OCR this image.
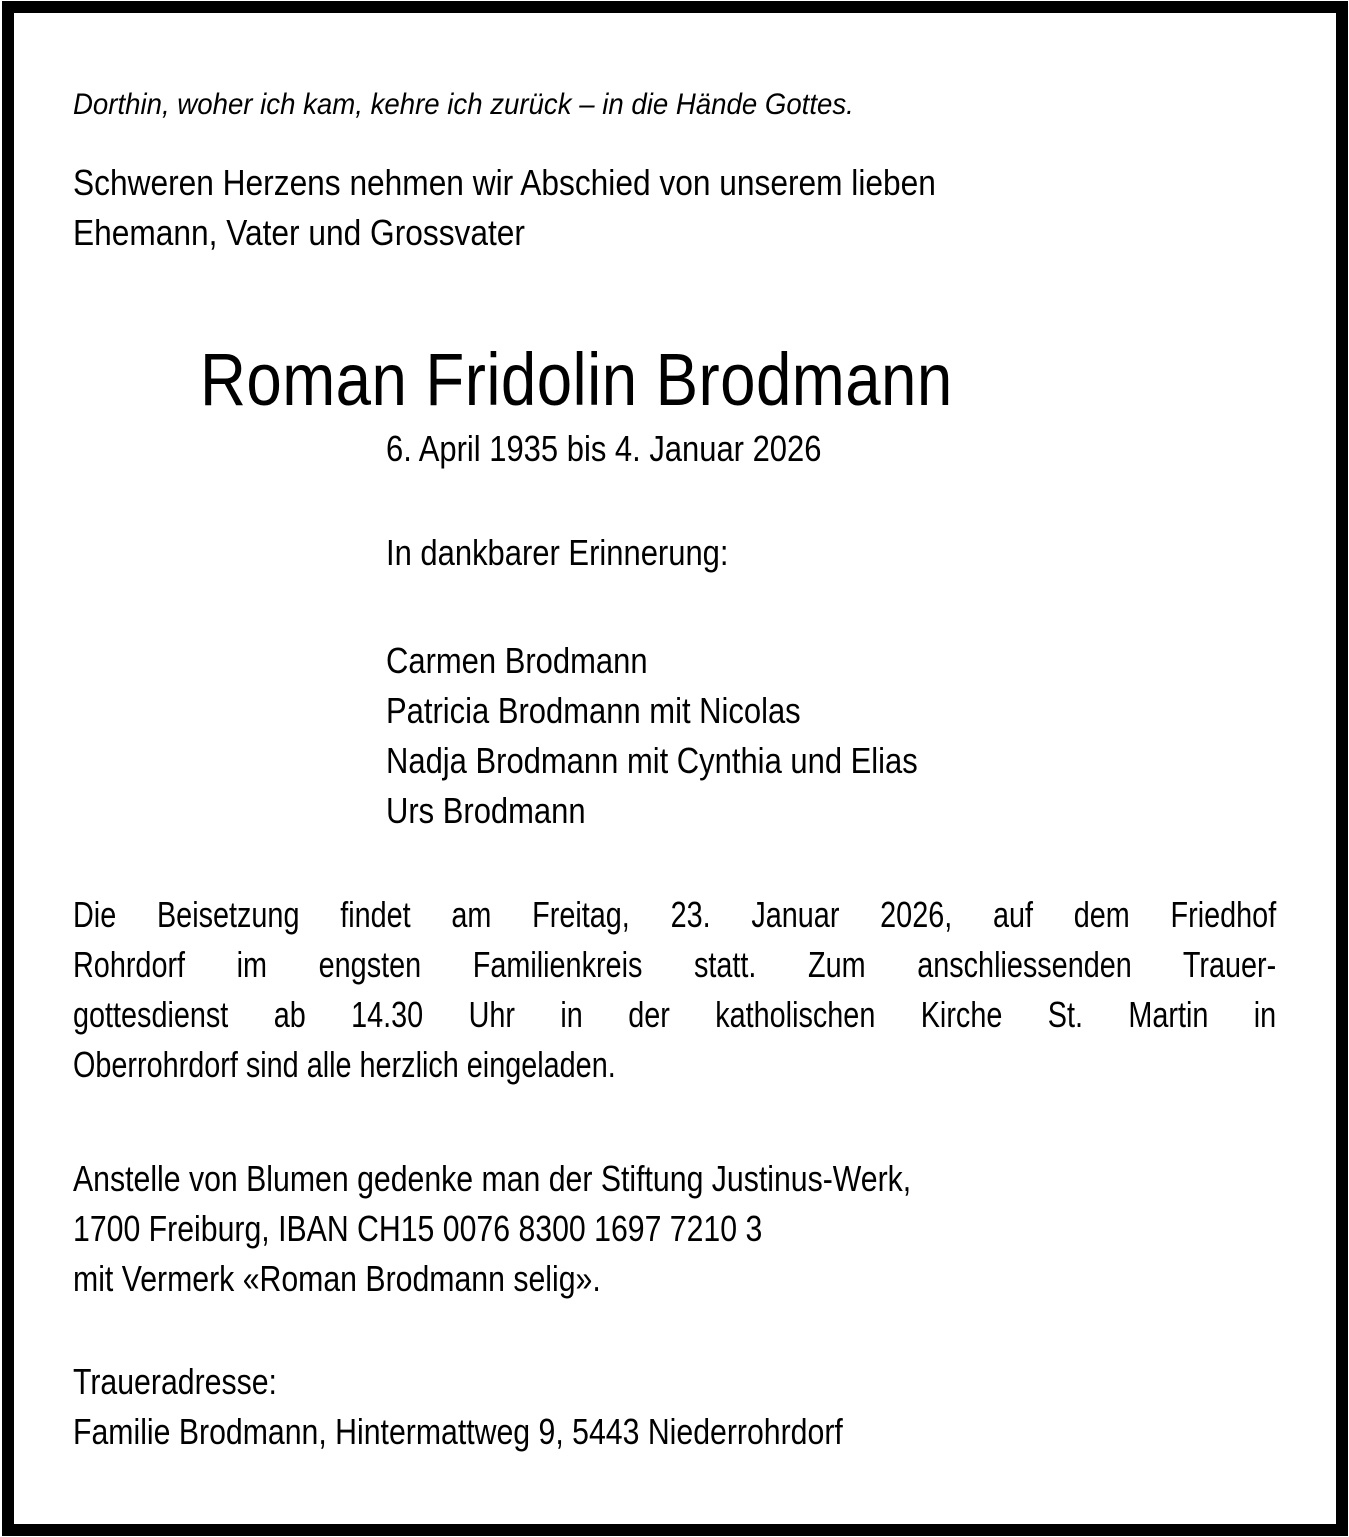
Dorthin, woher ich kam, kehre ich zurück – in die Hände Gottes.

Schweren Herzens nehmen wir Abschied von unserem lieben
Ehemann, Vater und Grossvater
Roman Fridolin Brodmann

6. April 1935 bis 4. Januar 2026

In dankbarer Erinnerung:

Carmen Brodmann
Patricia Brodmann mit Nicolas
Nadja Brodmann mit Cynthia und Elias
Urs Brodmann
Die Beisetzung findet am Freitag, 23. Januar 2026, auf dem Friedhof
Rohrdorf im engsten Familienkreis statt. Zum anschliessenden Trauer-
gottesdienst ab 14.30 Uhr in der katholischen Kirche St. Martin in
Oberrohrdorf sind alle herzlich eingeladen.
Anstelle von Blumen gedenke man der Stiftung Justinus-Werk,
1700 Freiburg, IBAN CH15 0076 8300 1697 7210 3
mit Vermerk «Roman Brodmann selig».
Traueradresse:
Familie Brodmann, Hintermattweg 9, 5443 Niederrohrdorf
